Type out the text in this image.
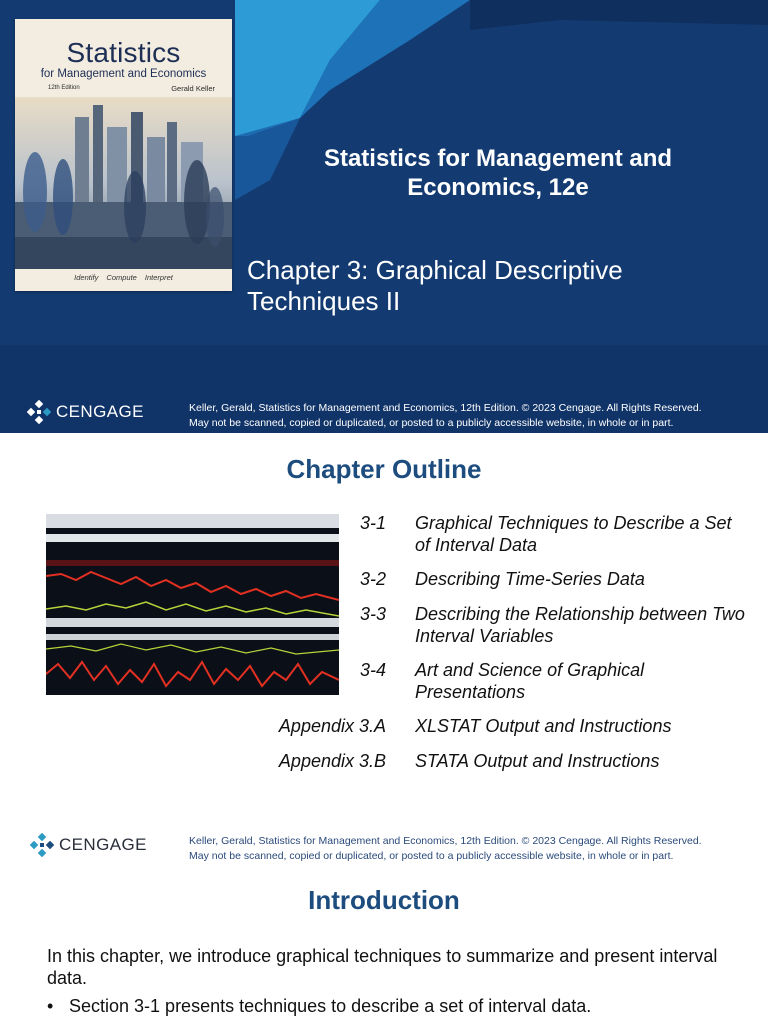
Statistics
for Management and Economics
12th Edition	Gerald Keller
Identify Compute Interpret
Statistics for Management and Economics, 12e
Chapter 3: Graphical Descriptive Techniques II
CENGAGE	Keller, Gerald, Statistics for Management and Economics, 12th Edition. © 2023 Cengage. All Rights Reserved.
May not be scanned, copied or duplicated, or posted to a publicly accessible website, in whole or in part.
Chapter Outline
3-1 Graphical Techniques to Describe a Set of Interval Data
3-2 Describing Time-Series Data
3-3 Describing the Relationship between Two Interval Variables
3-4 Art and Science of Graphical Presentations
Appendix 3.A XLSTAT Output and Instructions
Appendix 3.B STATA Output and Instructions
CENGAGE	Keller, Gerald, Statistics for Management and Economics, 12th Edition. © 2023 Cengage. All Rights Reserved.
May not be scanned, copied or duplicated, or posted to a publicly accessible website, in whole or in part.
Introduction
In this chapter, we introduce graphical techniques to summarize and present interval data.
• Section 3-1 presents techniques to describe a set of interval data.
